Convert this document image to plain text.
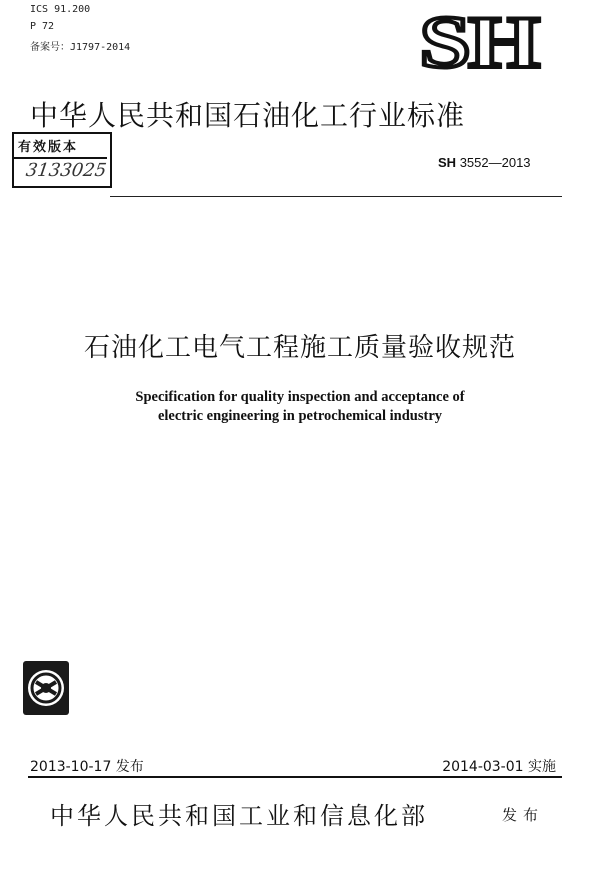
ICS 91.200
P 72
备案号：J1797-2014	SH
中华人民共和国石油化工行业标准
有效版本
3133025	SH 3552—2013
石油化工电气工程施工质量验收规范
Specification for quality inspection and acceptance of
electric engineering in petrochemical industry
2013-10-17 发布	2014-03-01 实施
中华人民共和国工业和信息化部	发布
